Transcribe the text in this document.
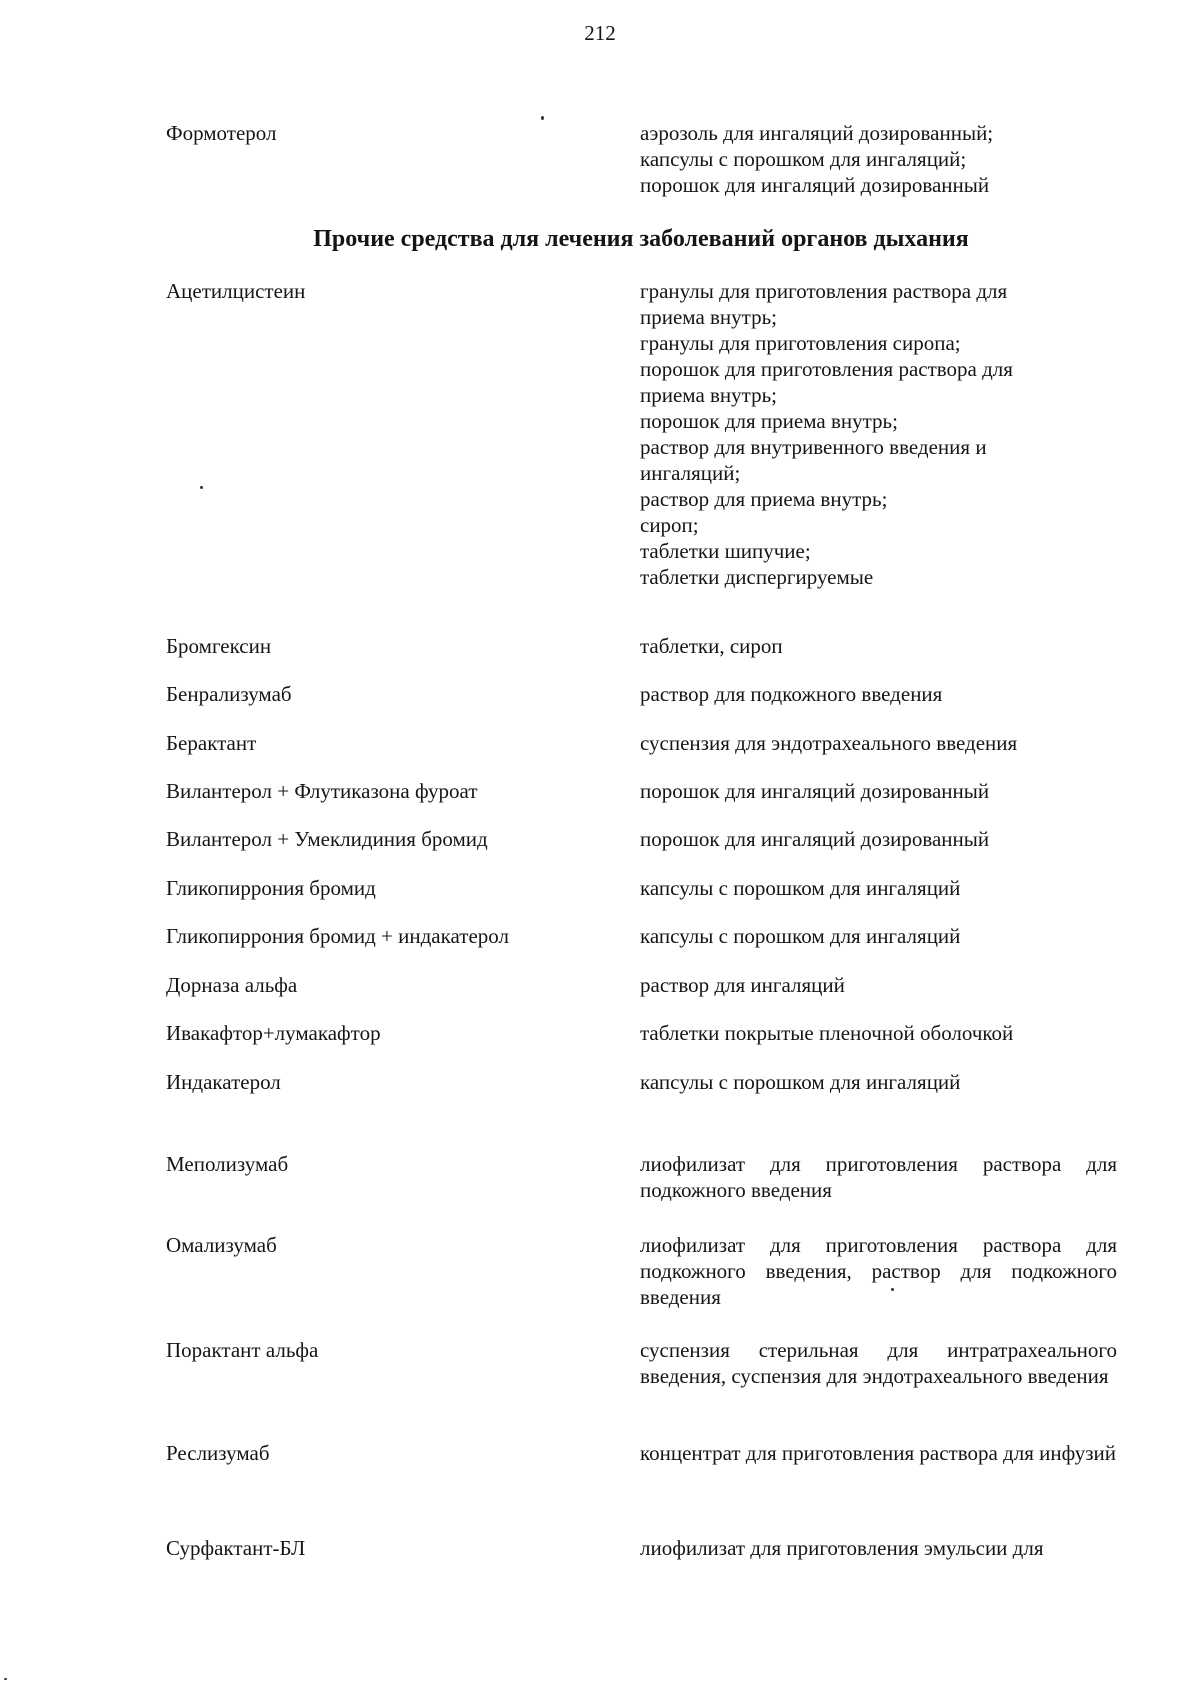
212
Формотерол	аэрозоль для ингаляций дозированный;
капсулы с порошком для ингаляций;
порошок для ингаляций дозированный
Прочие средства для лечения заболеваний органов дыхания
Ацетилцистеин	гранулы для приготовления раствора для приема внутрь;
гранулы для приготовления сиропа;
порошок для приготовления раствора для приема внутрь;
порошок для приема внутрь;
раствор для внутривенного введения и ингаляций;
раствор для приема внутрь;
сироп;
таблетки шипучие;
таблетки диспергируемые
Бромгексин	таблетки, сироп
Бенрализумаб	раствор для подкожного введения
Берактант	суспензия для эндотрахеального введения
Вилантерол + Флутиказона фуроат	порошок для ингаляций дозированный
Вилантерол + Умеклидиния бромид	порошок для ингаляций дозированный
Гликопиррония бромид	капсулы с порошком для ингаляций
Гликопиррония бромид + индакатерол	капсулы с порошком для ингаляций
Дорназа альфа	раствор для ингаляций
Ивакафтор+лумакафтор	таблетки покрытые пленочной оболочкой
Индакатерол	капсулы с порошком для ингаляций
Меполизумаб	лиофилизат для приготовления раствора для подкожного введения
Омализумаб	лиофилизат для приготовления раствора для подкожного введения, раствор для подкожного введения
Порактант альфа	суспензия стерильная для интратрахеального введения, суспензия для эндотрахеального введения
Реслизумаб	концентрат для приготовления раствора для инфузий
Сурфактант-БЛ	лиофилизат для приготовления эмульсии для
